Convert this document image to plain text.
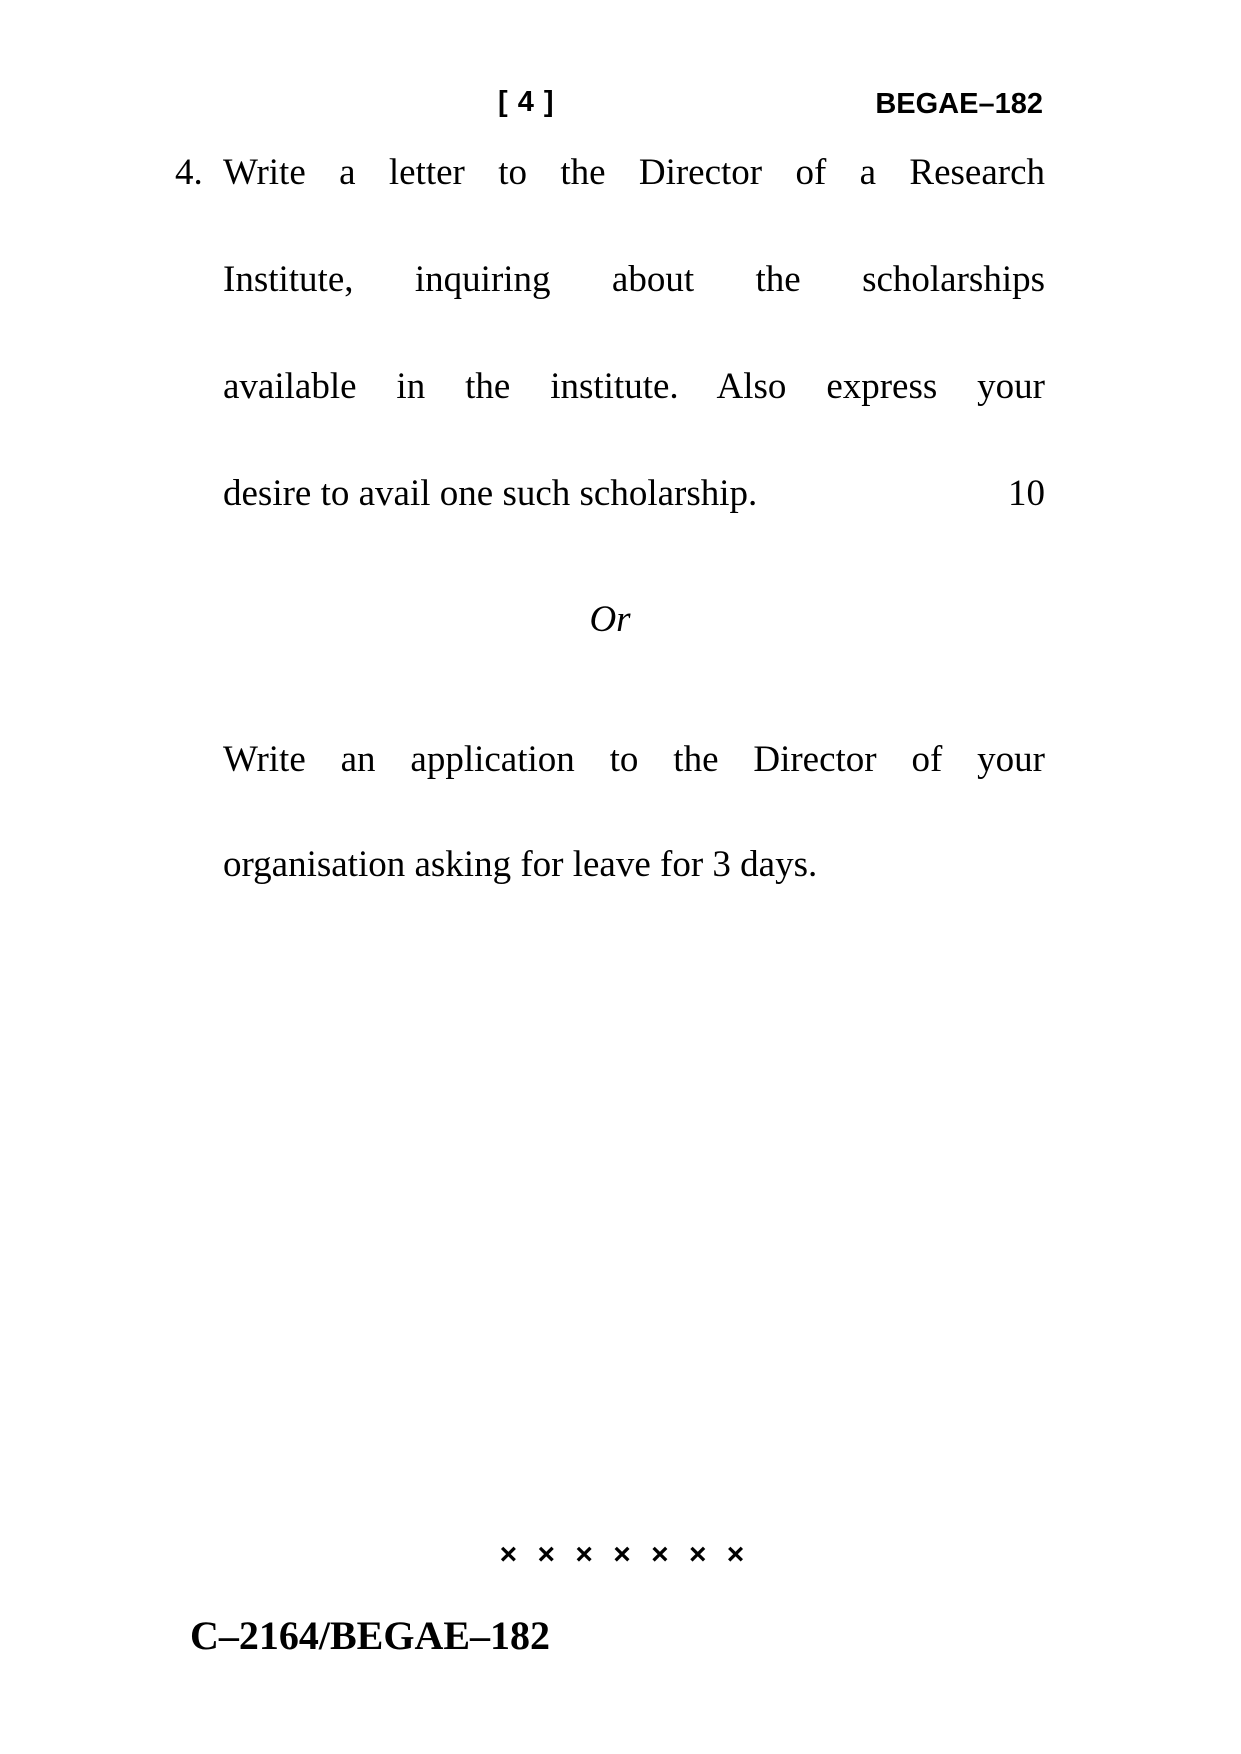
[ 4 ]	BEGAE–182
4. Write a letter to the Director of a Research
Institute, inquiring about the scholarships
available in the institute. Also express your
desire to avail one such scholarship.	10
Or
Write an application to the Director of your
organisation asking for leave for 3 days.
× × × × × × ×
C–2164/BEGAE–182
